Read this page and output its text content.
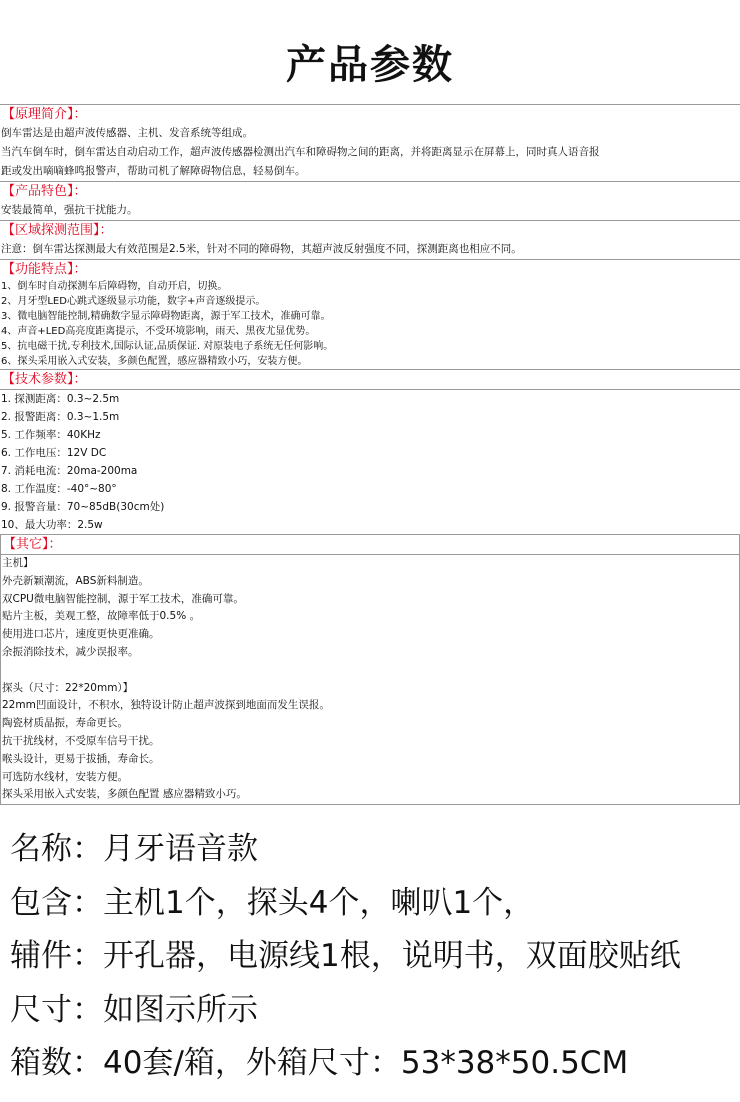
产品参数
【原理简介】：
倒车雷达是由超声波传感器、主机、发音系统等组成。
当汽车倒车时，倒车雷达自动启动工作，超声波传感器检测出汽车和障碍物之间的距离，并将距离显示在屏幕上，同时真人语音报
距或发出嘀嘀蜂鸣报警声，帮助司机了解障碍物信息，轻易倒车。
【产品特色】：
安装最简单，强抗干扰能力。
【区域探测范围】：
注意：倒车雷达探测最大有效范围是2.5米，针对不同的障碍物，其超声波反射强度不同，探测距离也相应不同。
【功能特点】：
1、倒车时自动探测车后障碍物，自动开启，切换。
2、月牙型LED心跳式逐级显示功能，数字+声音逐级提示。
3、微电脑智能控制,精确数字显示障碍物距离，源于军工技术，准确可靠。
4、声音+LED高亮度距离提示，不受环境影响，雨天、黑夜尤显优势。
5、抗电磁干扰,专利技术,国际认证,品质保证. 对原装电子系统无任何影响。
6、探头采用嵌入式安装，多颜色配置，感应器精致小巧，安装方便。
【技术参数】：
1. 探测距离：0.3~2.5m
2. 报警距离：0.3~1.5m
5. 工作频率：40KHz
6. 工作电压：12V DC
7. 消耗电流：20ma-200ma
8. 工作温度：-40°~80°
9. 报警音量：70~85dB(30cm处)
10、最大功率：2.5w
【其它】：
主机】
外壳新颖潮流，ABS新料制造。
双CPU微电脑智能控制，源于军工技术，准确可靠。
贴片主板，美观工整，故障率低于0.5% 。
使用进口芯片，速度更快更准确。
余振消除技术，减少误报率。
探头（尺寸：22*20mm）】
22mm凹面设计，不积水，独特设计防止超声波探到地面而发生误报。
陶瓷材质晶振，寿命更长。
抗干扰线材，不受原车信号干扰。
喉头设计，更易于拔插，寿命长。
可选防水线材，安装方便。
探头采用嵌入式安装，多颜色配置 感应器精致小巧。
名称：月牙语音款
包含：主机1个，探头4个，喇叭1个，
辅件：开孔器，电源线1根，说明书，双面胶贴纸
尺寸：如图示所示
箱数：40套/箱，外箱尺寸：53*38*50.5CM
